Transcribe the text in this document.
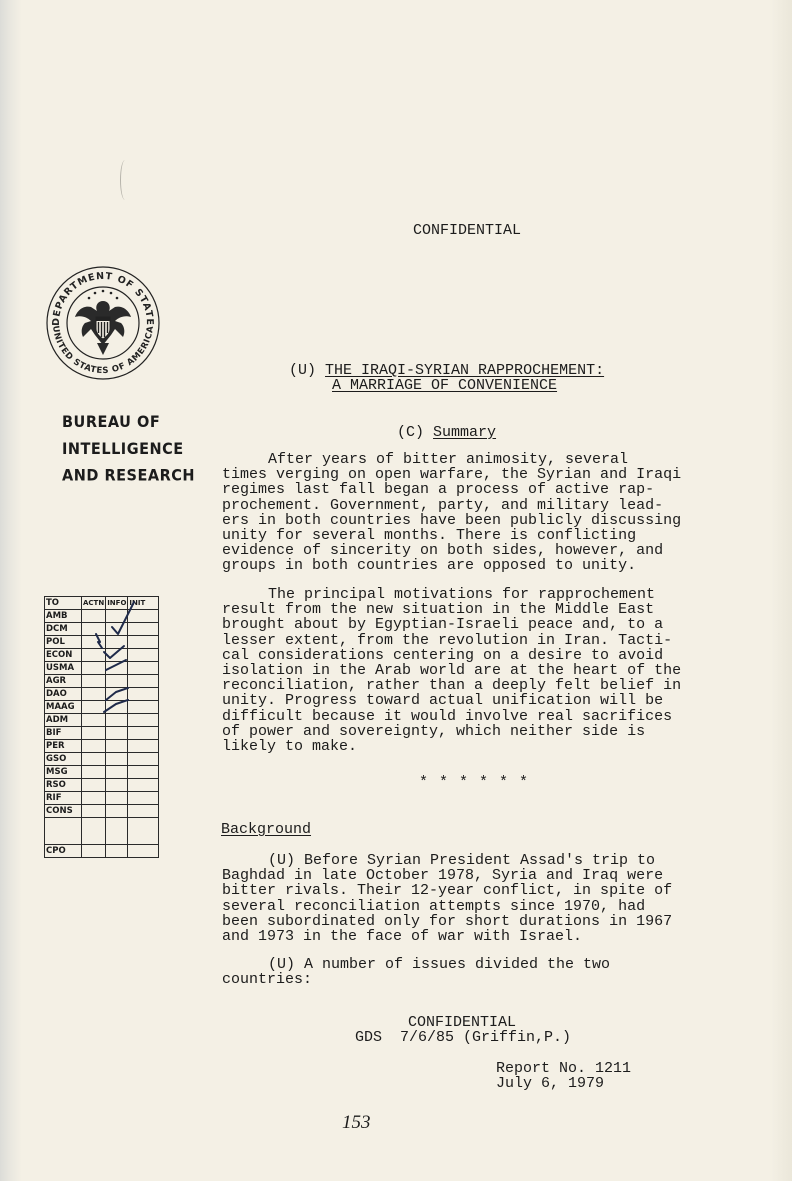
CONFIDENTIAL
DEPARTMENT OF STATE
UNITED STATES OF AMERICA
BUREAU OF
INTELLIGENCE
AND RESEARCH
(U) THE IRAQI-SYRIAN RAPPROCHEMENT:
A MARRIAGE OF CONVENIENCE
(C) Summary
After years of bitter animosity, several
times verging on open warfare, the Syrian and Iraqi
regimes last fall began a process of active rap-
prochement. Government, party, and military lead-
ers in both countries have been publicly discussing
unity for several months. There is conflicting
evidence of sincerity on both sides, however, and
groups in both countries are opposed to unity.
The principal motivations for rapprochement
result from the new situation in the Middle East
brought about by Egyptian-Israeli peace and, to a
lesser extent, from the revolution in Iran. Tacti-
cal considerations centering on a desire to avoid
isolation in the Arab world are at the heart of the
reconciliation, rather than a deeply felt belief in
unity. Progress toward actual unification will be
difficult because it would involve real sacrifices
of power and sovereignty, which neither side is
likely to make.
* * * * * *
Background
(U) Before Syrian President Assad's trip to
Baghdad in late October 1978, Syria and Iraq were
bitter rivals. Their 12-year conflict, in spite of
several reconciliation attempts since 1970, had
been subordinated only for short durations in 1967
and 1973 in the face of war with Israel.
(U) A number of issues divided the two
countries:
CONFIDENTIAL
GDS  7/6/85 (Griffin,P.)
Report No. 1211
July 6, 1979
153
TO	ACTN	INFO	INIT
AMB			
DCM			
POL			
ECON			
USMA			
AGR			
DAO			
MAAG			
ADM			
BIF			
PER			
GSO			
MSG			
RSO			
RIF			
CONS			

CPO			
